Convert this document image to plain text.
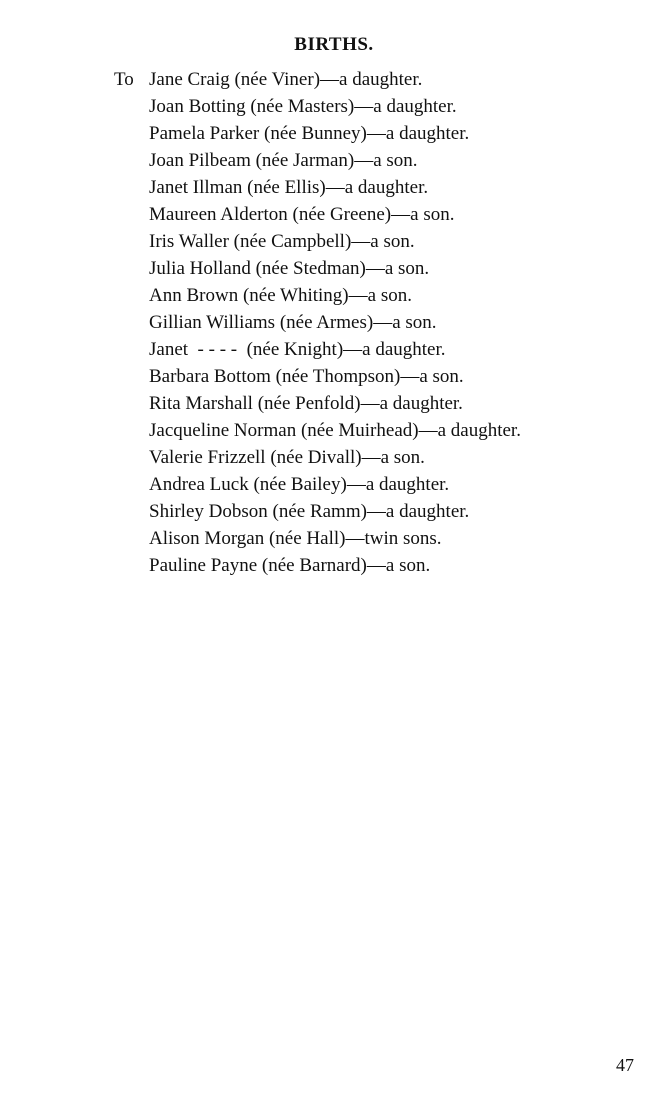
BIRTHS.
To Jane Craig (née Viner)—a daughter.
Joan Botting (née Masters)—a daughter.
Pamela Parker (née Bunney)—a daughter.
Joan Pilbeam (née Jarman)—a son.
Janet Illman (née Ellis)—a daughter.
Maureen Alderton (née Greene)—a son.
Iris Waller (née Campbell)—a son.
Julia Holland (née Stedman)—a son.
Ann Brown (née Whiting)—a son.
Gillian Williams (née Armes)—a son.
Janet  - - - -  (née Knight)—a daughter.
Barbara Bottom (née Thompson)—a son.
Rita Marshall (née Penfold)—a daughter.
Jacqueline Norman (née Muirhead)—a daughter.
Valerie Frizzell (née Divall)—a son.
Andrea Luck (née Bailey)—a daughter.
Shirley Dobson (née Ramm)—a daughter.
Alison Morgan (née Hall)—twin sons.
Pauline Payne (née Barnard)—a son.

47
